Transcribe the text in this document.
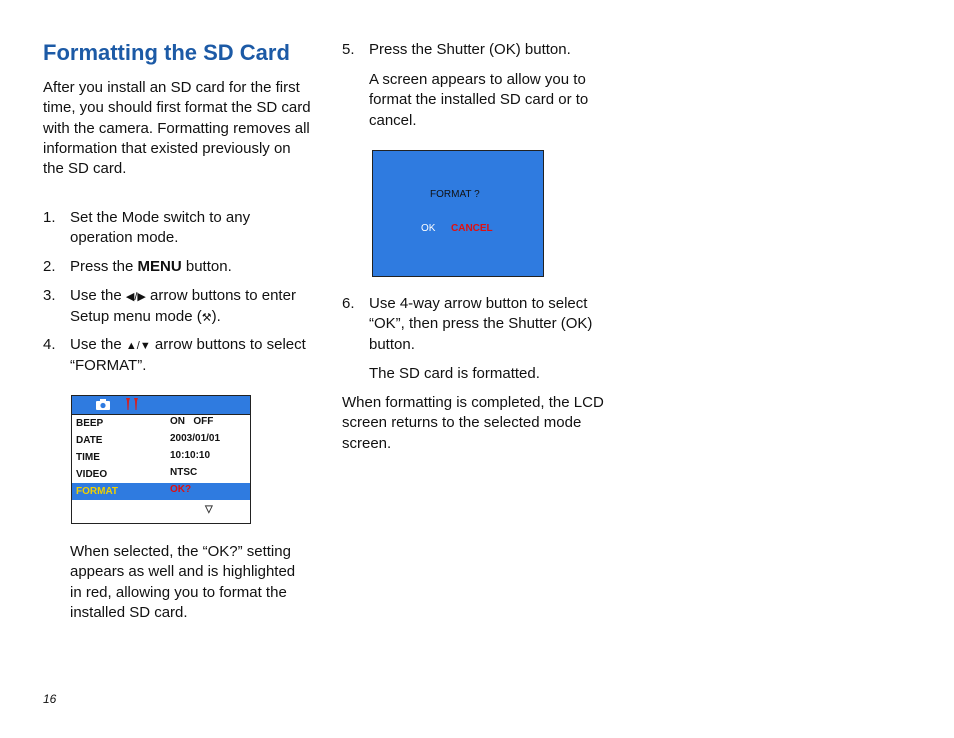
Formatting the SD Card

After you install an SD card for the first time, you should first format the SD card with the camera. Formatting removes all information that existed previously on the SD card.

1. Set the Mode switch to any operation mode.
2. Press the MENU button.
3. Use the ◀/▶ arrow buttons to enter Setup menu mode (⚒).
4. Use the ▲/▼ arrow buttons to select “FORMAT”.
BEEP	ON   OFF
DATE	2003/01/01
TIME	10:10:10
VIDEO	NTSC
FORMAT	OK?
▽

When selected, the “OK?” setting appears as well and is highlighted in red, allowing you to format the installed SD card.

5. Press the Shutter (OK) button.

A screen appears to allow you to format the installed SD card or to cancel.

FORMAT ?
OK CANCEL
6. Use 4-way arrow button to select “OK”, then press the Shutter (OK) button.

The SD card is formatted.

When formatting is completed, the LCD screen returns to the selected mode screen.

16
